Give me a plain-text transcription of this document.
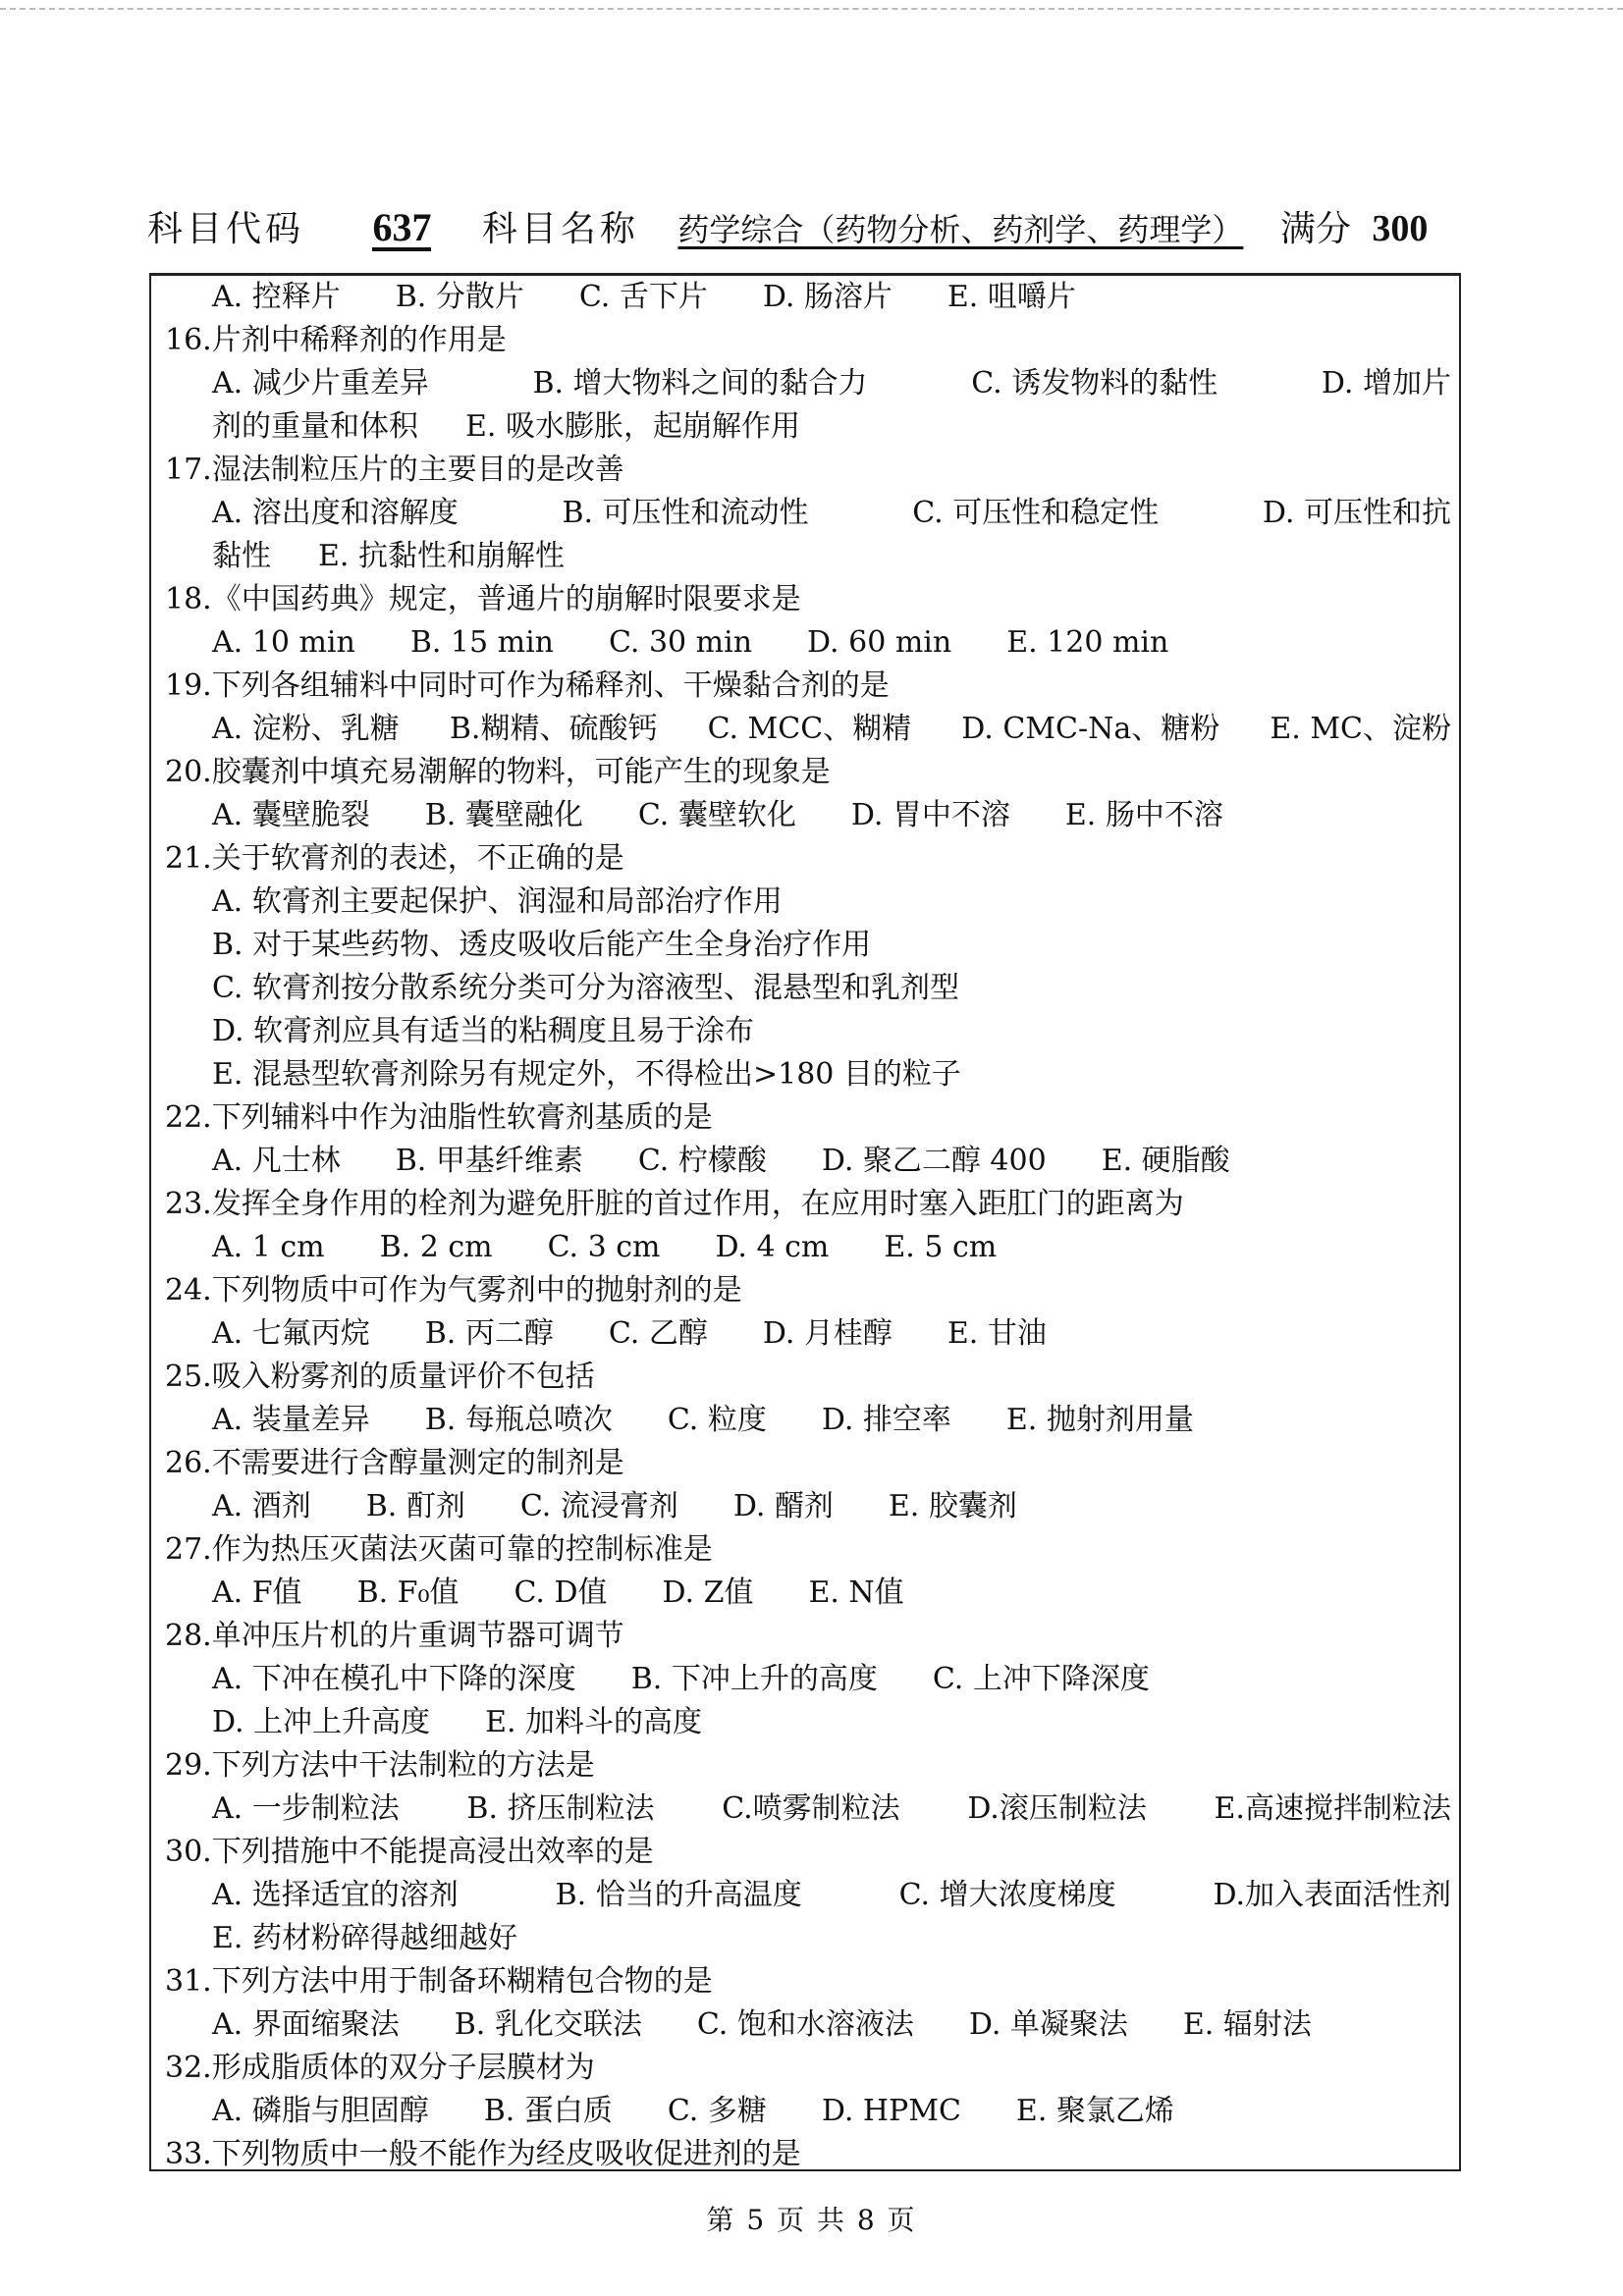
科目代码 637 科目名称 药学综合（药物分析、药剂学、药理学） 满分 300
A. 控释片 B. 分散片 C. 舌下片 D. 肠溶片 E. 咀嚼片
16.片剂中稀释剂的作用是
A. 减少片重差异	B. 增大物料之间的黏合力	C. 诱发物料的黏性	D. 增加片
剂的重量和体积 E. 吸水膨胀，起崩解作用
17.湿法制粒压片的主要目的是改善
A. 溶出度和溶解度	B. 可压性和流动性	C. 可压性和稳定性	D. 可压性和抗
黏性 E. 抗黏性和崩解性
18.《中国药典》规定，普通片的崩解时限要求是
A. 10 min B. 15 min C. 30 min D. 60 min E. 120 min
19.下列各组辅料中同时可作为稀释剂、干燥黏合剂的是
A. 淀粉、乳糖 B.糊精、硫酸钙 C. MCC、糊精 D. CMC-Na、糖粉 E. MC、淀粉
20.胶囊剂中填充易潮解的物料，可能产生的现象是
A. 囊壁脆裂 B. 囊壁融化 C. 囊壁软化 D. 胃中不溶 E. 肠中不溶
21.关于软膏剂的表述，不正确的是
A. 软膏剂主要起保护、润湿和局部治疗作用
B. 对于某些药物、透皮吸收后能产生全身治疗作用
C. 软膏剂按分散系统分类可分为溶液型、混悬型和乳剂型
D. 软膏剂应具有适当的粘稠度且易于涂布
E. 混悬型软膏剂除另有规定外，不得检出>180 目的粒子
22.下列辅料中作为油脂性软膏剂基质的是
A. 凡士林 B. 甲基纤维素 C. 柠檬酸 D. 聚乙二醇 400 E. 硬脂酸
23.发挥全身作用的栓剂为避免肝脏的首过作用，在应用时塞入距肛门的距离为
A. 1 cm B. 2 cm C. 3 cm D. 4 cm E. 5 cm
24.下列物质中可作为气雾剂中的抛射剂的是
A. 七氟丙烷 B. 丙二醇 C. 乙醇 D. 月桂醇 E. 甘油
25.吸入粉雾剂的质量评价不包括
A. 装量差异 B. 每瓶总喷次 C. 粒度 D. 排空率 E. 抛射剂用量
26.不需要进行含醇量测定的制剂是
A. 酒剂 B. 酊剂 C. 流浸膏剂 D. 醑剂 E. 胶囊剂
27.作为热压灭菌法灭菌可靠的控制标准是
A. F值 B. F₀值 C. D值 D. Z值 E. N值
28.单冲压片机的片重调节器可调节
A. 下冲在模孔中下降的深度 B. 下冲上升的高度 C. 上冲下降深度
D. 上冲上升高度 E. 加料斗的高度
29.下列方法中干法制粒的方法是
A. 一步制粒法 B. 挤压制粒法 C.喷雾制粒法 D.滚压制粒法 E.高速搅拌制粒法
30.下列措施中不能提高浸出效率的是
A. 选择适宜的溶剂	B. 恰当的升高温度	C. 增大浓度梯度	D.加入表面活性剂
E. 药材粉碎得越细越好
31.下列方法中用于制备环糊精包合物的是
A. 界面缩聚法 B. 乳化交联法 C. 饱和水溶液法 D. 单凝聚法 E. 辐射法
32.形成脂质体的双分子层膜材为
A. 磷脂与胆固醇 B. 蛋白质 C. 多糖 D. HPMC E. 聚氯乙烯
33.下列物质中一般不能作为经皮吸收促进剂的是
第 5 页 共 8 页
